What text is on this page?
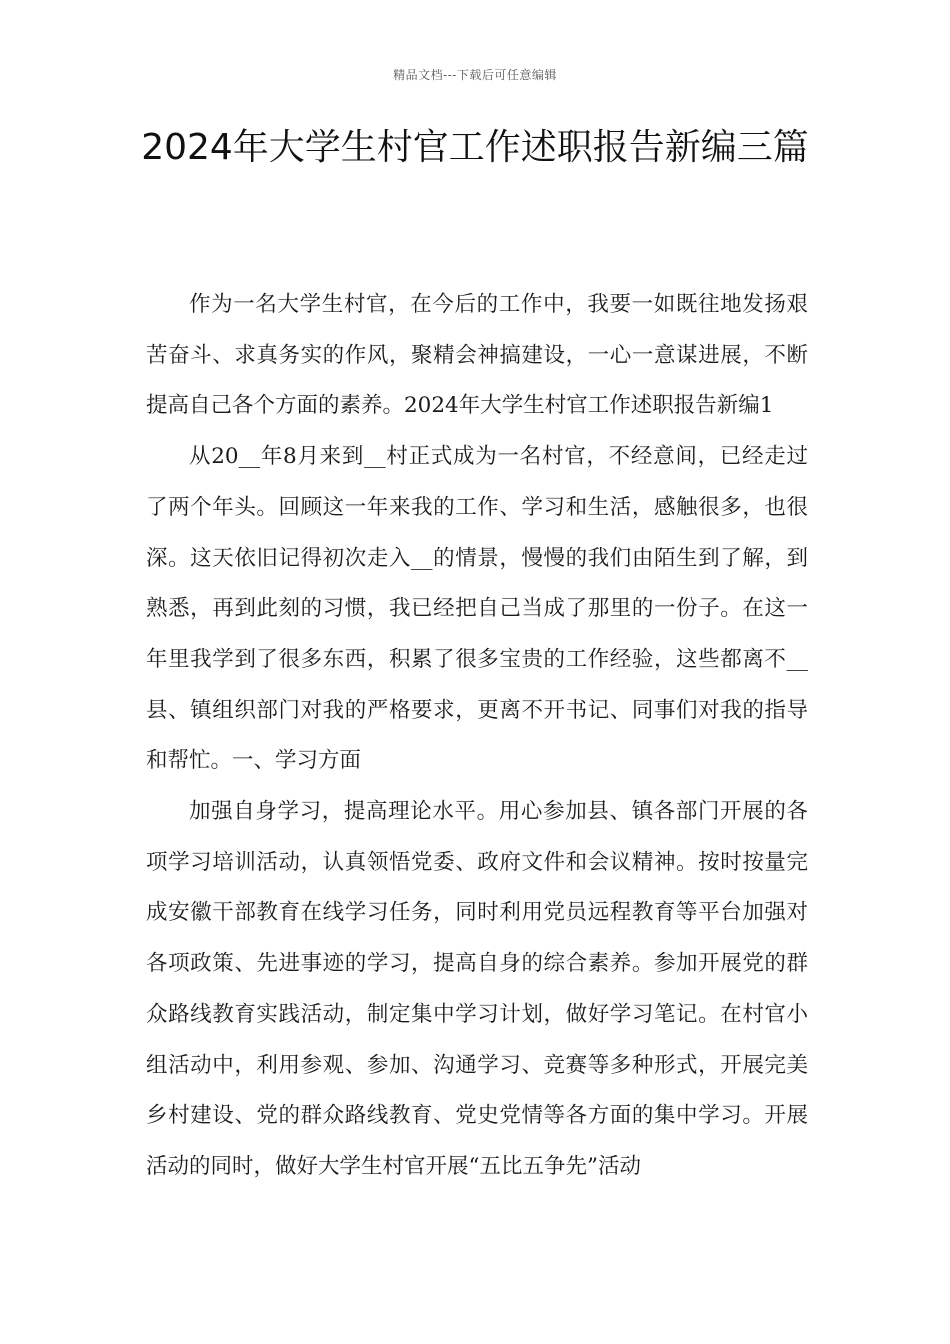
精品文档---下载后可任意编辑
2024年大学生村官工作述职报告新编三篇

作为一名大学生村官，在今后的工作中，我要一如既往地发扬艰苦奋斗、求真务实的作风，聚精会神搞建设，一心一意谋进展，不断提高自己各个方面的素养。2024年大学生村官工作述职报告新编1

从20__年8月来到__村正式成为一名村官，不经意间，已经走过了两个年头。回顾这一年来我的工作、学习和生活，感触很多，也很深。这天依旧记得初次走入__的情景，慢慢的我们由陌生到了解，到熟悉，再到此刻的习惯，我已经把自己当成了那里的一份子。在这一年里我学到了很多东西，积累了很多宝贵的工作经验，这些都离不__县、镇组织部门对我的严格要求，更离不开书记、同事们对我的指导和帮忙。一、学习方面

加强自身学习，提高理论水平。用心参加县、镇各部门开展的各项学习培训活动，认真领悟党委、政府文件和会议精神。按时按量完成安徽干部教育在线学习任务，同时利用党员远程教育等平台加强对各项政策、先进事迹的学习，提高自身的综合素养。参加开展党的群众路线教育实践活动，制定集中学习计划，做好学习笔记。在村官小组活动中，利用参观、参加、沟通学习、竞赛等多种形式，开展完美乡村建设、党的群众路线教育、党史党情等各方面的集中学习。开展活动的同时，做好大学生村官开展“五比五争先”活动
